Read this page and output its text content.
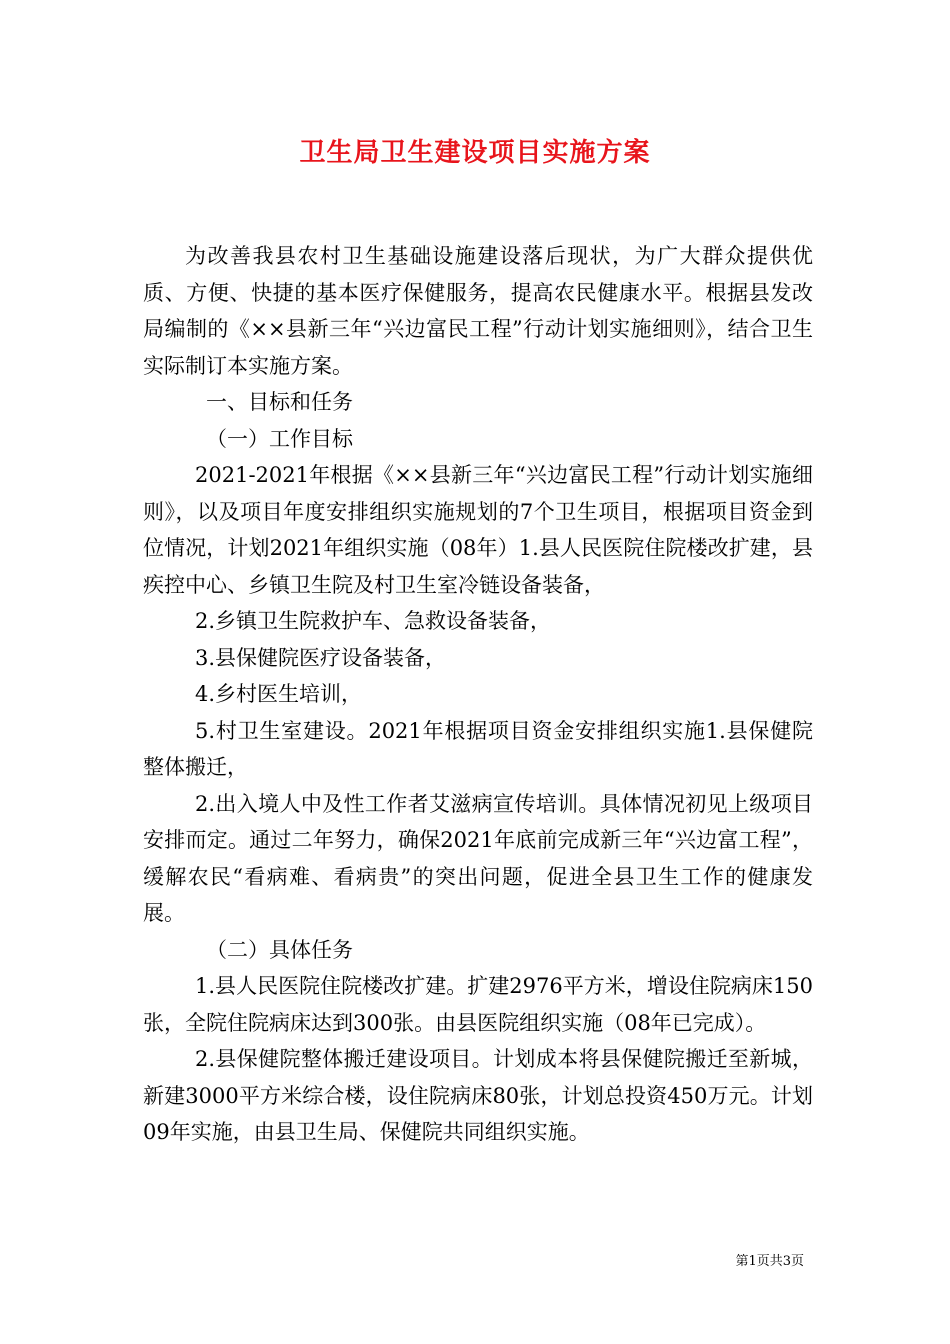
卫生局卫生建设项目实施方案

为改善我县农村卫生基础设施建设落后现状，为广大群众提供优质、方便、快捷的基本医疗保健服务，提高农民健康水平。根据县发改局编制的《××县新三年“兴边富民工程”行动计划实施细则》，结合卫生实际制订本实施方案。

一、目标和任务

（一）工作目标

2021-2021年根据《××县新三年“兴边富民工程”行动计划实施细则》，以及项目年度安排组织实施规划的7个卫生项目，根据项目资金到位情况，计划2021年组织实施（08年）1.县人民医院住院楼改扩建，县疾控中心、乡镇卫生院及村卫生室冷链设备装备，

2.乡镇卫生院救护车、急救设备装备，

3.县保健院医疗设备装备，

4.乡村医生培训，

5.村卫生室建设。2021年根据项目资金安排组织实施1.县保健院整体搬迁，

2.出入境人中及性工作者艾滋病宣传培训。具体情况初见上级项目安排而定。通过二年努力，确保2021年底前完成新三年“兴边富工程”，缓解农民“看病难、看病贵”的突出问题，促进全县卫生工作的健康发展。

（二）具体任务

1.县人民医院住院楼改扩建。扩建2976平方米，增设住院病床150张，全院住院病床达到300张。由县医院组织实施（08年已完成）。

2.县保健院整体搬迁建设项目。计划成本将县保健院搬迁至新城，新建3000平方米综合楼，设住院病床80张，计划总投资450万元。计划09年实施，由县卫生局、保健院共同组织实施。

第1页共3页
